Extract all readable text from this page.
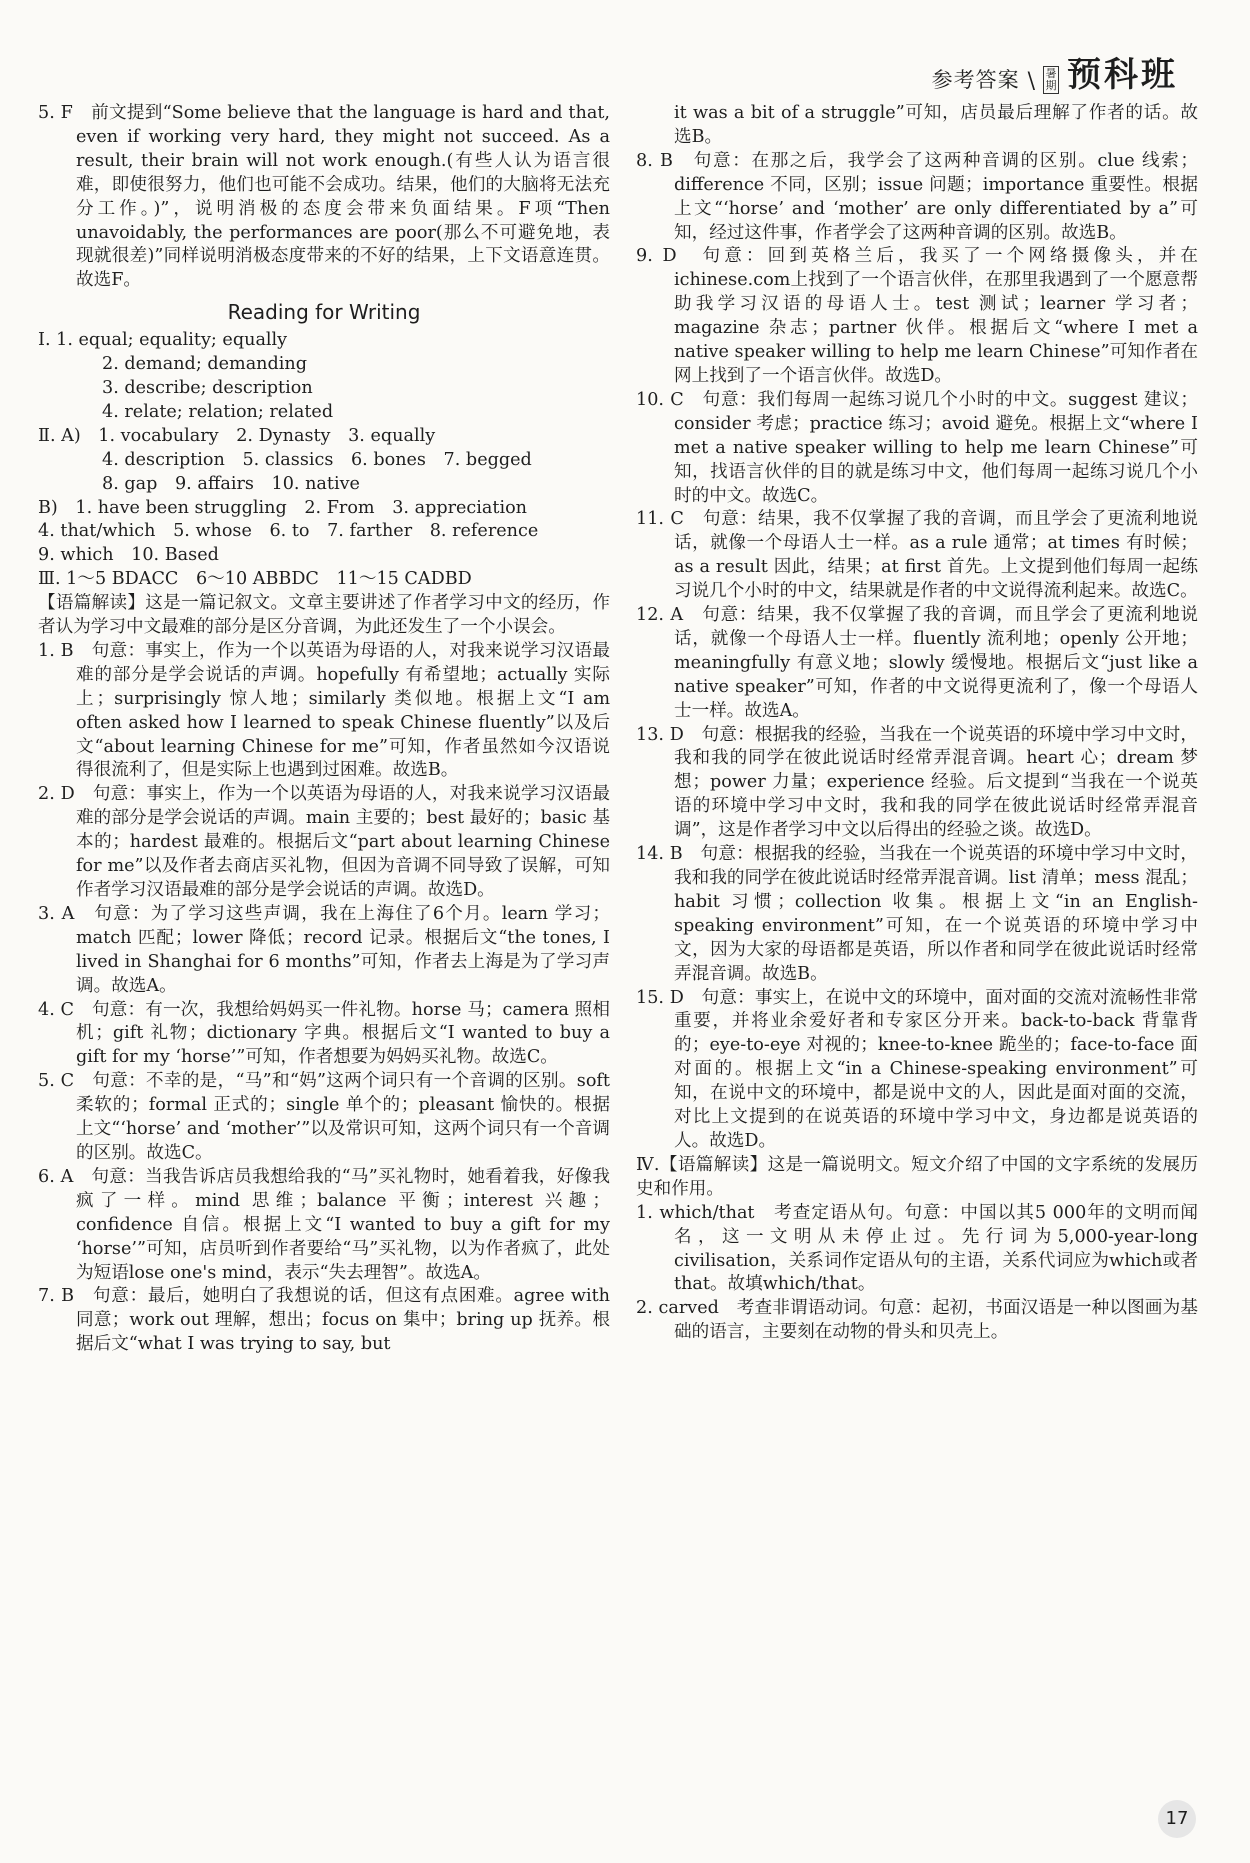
参考答案 \ 暑期 预科班
5. F　前文提到“Some believe that the language is hard and that, even if working very hard, they might not succeed. As a result, their brain will not work enough.(有些人认为语言很难，即使很努力，他们也可能不会成功。结果，他们的大脑将无法充分工作。)”，说明消极的态度会带来负面结果。F项“Then unavoidably, the performances are poor(那么不可避免地，表现就很差)”同样说明消极态度带来的不好的结果，上下文语意连贯。故选F。
Reading for Writing
Ⅰ. 1. equal; equality; equally
2. demand; demanding
3. describe; description
4. relate; relation; related
Ⅱ. A)　1. vocabulary　2. Dynasty　3. equally
4. description　5. classics　6. bones　7. begged
8. gap　9. affairs　10. native
B)　1. have been struggling　2. From　3. appreciation
4. that/which　5. whose　6. to　7. farther　8. reference
9. which　10. Based
Ⅲ. 1～5 BDACC　6～10 ABBDC　11～15 CADBD
【语篇解读】这是一篇记叙文。文章主要讲述了作者学习中文的经历，作者认为学习中文最难的部分是区分音调，为此还发生了一个小误会。
1. B　句意：事实上，作为一个以英语为母语的人，对我来说学习汉语最难的部分是学会说话的声调。hopefully 有希望地；actually 实际上；surprisingly 惊人地；similarly 类似地。根据上文“I am often asked how I learned to speak Chinese fluently”以及后文“about learning Chinese for me”可知，作者虽然如今汉语说得很流利了，但是实际上也遇到过困难。故选B。
2. D　句意：事实上，作为一个以英语为母语的人，对我来说学习汉语最难的部分是学会说话的声调。main 主要的；best 最好的；basic 基本的；hardest 最难的。根据后文“part about learning Chinese for me”以及作者去商店买礼物，但因为音调不同导致了误解，可知作者学习汉语最难的部分是学会说话的声调。故选D。
3. A　句意：为了学习这些声调，我在上海住了6个月。learn 学习；match 匹配；lower 降低；record 记录。根据后文“the tones, I lived in Shanghai for 6 months”可知，作者去上海是为了学习声调。故选A。
4. C　句意：有一次，我想给妈妈买一件礼物。horse 马；camera 照相机；gift 礼物；dictionary 字典。根据后文“I wanted to buy a gift for my ‘horse’”可知，作者想要为妈妈买礼物。故选C。
5. C　句意：不幸的是，“马”和“妈”这两个词只有一个音调的区别。soft 柔软的；formal 正式的；single 单个的；pleasant 愉快的。根据上文“‘horse’ and ‘mother’”以及常识可知，这两个词只有一个音调的区别。故选C。
6. A　句意：当我告诉店员我想给我的“马”买礼物时，她看着我，好像我疯了一样。mind 思维；balance 平衡；interest 兴趣；confidence 自信。根据上文“I wanted to buy a gift for my ‘horse’”可知，店员听到作者要给“马”买礼物，以为作者疯了，此处为短语lose one's mind，表示“失去理智”。故选A。
7. B　句意：最后，她明白了我想说的话，但这有点困难。agree with 同意；work out 理解，想出；focus on 集中；bring up 抚养。根据后文“what I was trying to say, but
it was a bit of a struggle”可知，店员最后理解了作者的话。故选B。
8. B　句意：在那之后，我学会了这两种音调的区别。clue 线索；difference 不同，区别；issue 问题；importance 重要性。根据上文“‘horse’ and ‘mother’ are only differentiated by a”可知，经过这件事，作者学会了这两种音调的区别。故选B。
9. D　句意：回到英格兰后，我买了一个网络摄像头，并在ichinese.com上找到了一个语言伙伴，在那里我遇到了一个愿意帮助我学习汉语的母语人士。test 测试；learner 学习者；magazine 杂志；partner 伙伴。根据后文“where I met a native speaker willing to help me learn Chinese”可知作者在网上找到了一个语言伙伴。故选D。
10. C　句意：我们每周一起练习说几个小时的中文。suggest 建议；consider 考虑；practice 练习；avoid 避免。根据上文“where I met a native speaker willing to help me learn Chinese”可知，找语言伙伴的目的就是练习中文，他们每周一起练习说几个小时的中文。故选C。
11. C　句意：结果，我不仅掌握了我的音调，而且学会了更流利地说话，就像一个母语人士一样。as a rule 通常；at times 有时候；as a result 因此，结果；at first 首先。上文提到他们每周一起练习说几个小时的中文，结果就是作者的中文说得流利起来。故选C。
12. A　句意：结果，我不仅掌握了我的音调，而且学会了更流利地说话，就像一个母语人士一样。fluently 流利地；openly 公开地；meaningfully 有意义地；slowly 缓慢地。根据后文“just like a native speaker”可知，作者的中文说得更流利了，像一个母语人士一样。故选A。
13. D　句意：根据我的经验，当我在一个说英语的环境中学习中文时，我和我的同学在彼此说话时经常弄混音调。heart 心；dream 梦想；power 力量；experience 经验。后文提到“当我在一个说英语的环境中学习中文时，我和我的同学在彼此说话时经常弄混音调”，这是作者学习中文以后得出的经验之谈。故选D。
14. B　句意：根据我的经验，当我在一个说英语的环境中学习中文时，我和我的同学在彼此说话时经常弄混音调。list 清单；mess 混乱；habit 习惯；collection 收集。根据上文“in an English-speaking environment”可知，在一个说英语的环境中学习中文，因为大家的母语都是英语，所以作者和同学在彼此说话时经常弄混音调。故选B。
15. D　句意：事实上，在说中文的环境中，面对面的交流对流畅性非常重要，并将业余爱好者和专家区分开来。back-to-back 背靠背的；eye-to-eye 对视的；knee-to-knee 跪坐的；face-to-face 面对面的。根据上文“in a Chinese-speaking environment”可知，在说中文的环境中，都是说中文的人，因此是面对面的交流，对比上文提到的在说英语的环境中学习中文，身边都是说英语的人。故选D。
Ⅳ.【语篇解读】这是一篇说明文。短文介绍了中国的文字系统的发展历史和作用。
1. which/that　考查定语从句。句意：中国以其5 000年的文明而闻名，这一文明从未停止过。先行词为5,000-year-long civilisation，关系词作定语从句的主语，关系代词应为which或者that。故填which/that。
2. carved　考查非谓语动词。句意：起初，书面汉语是一种以图画为基础的语言，主要刻在动物的骨头和贝壳上。
17
